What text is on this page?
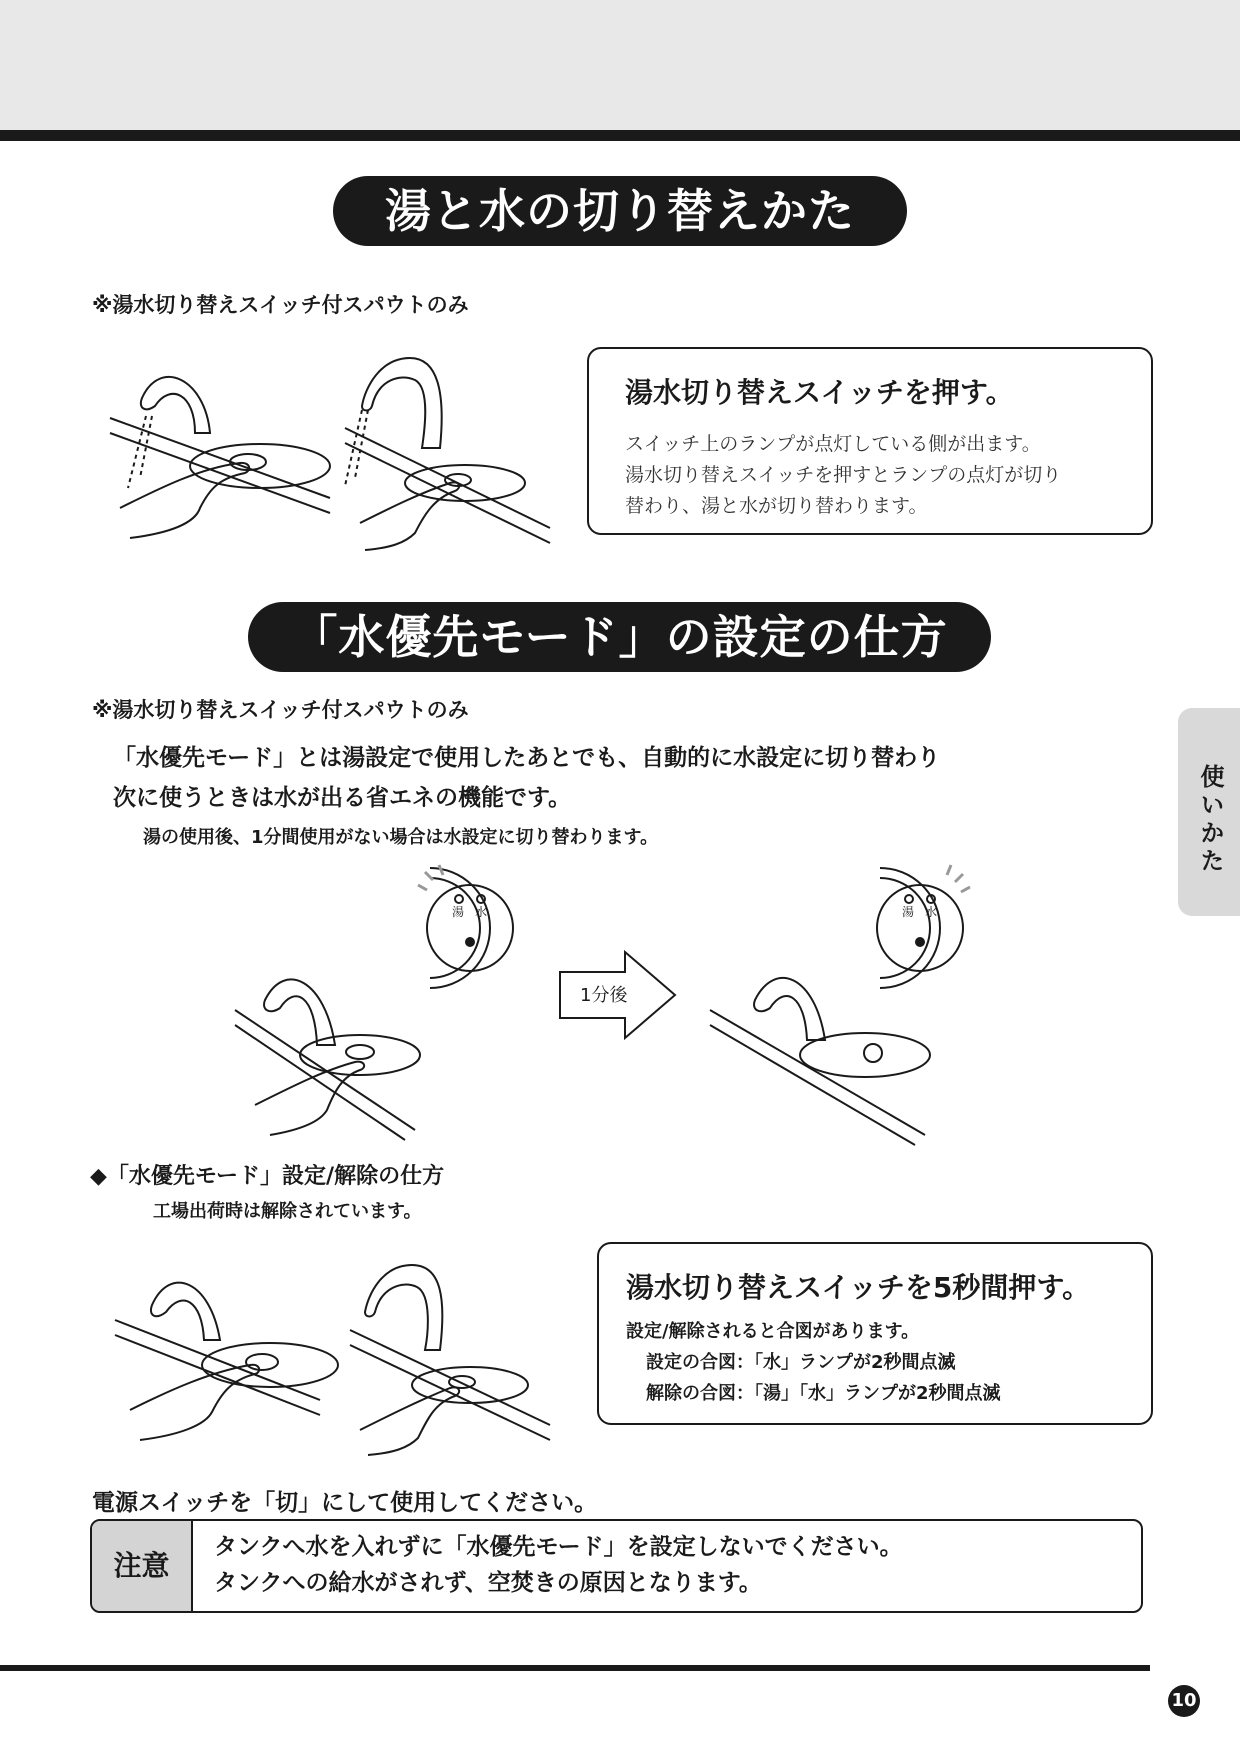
湯と水の切り替えかた
※湯水切り替えスイッチ付スパウトのみ
湯水切り替えスイッチを押す。
スイッチ上のランプが点灯している側が出ます。
湯水切り替えスイッチを押すとランプの点灯が切り
替わり、湯と水が切り替わります。
「水優先モード」の設定の仕方
※湯水切り替えスイッチ付スパウトのみ
「水優先モード」とは湯設定で使用したあとでも、自動的に水設定に切り替わり
次に使うときは水が出る省エネの機能です。
湯の使用後、1分間使用がない場合は水設定に切り替わります。
湯 水	湯 水
1分後
◆「水優先モード」設定/解除の仕方
工場出荷時は解除されています。
湯水切り替えスイッチを5秒間押す。
設定/解除されると合図があります。
設定の合図：「水」ランプが2秒間点滅
解除の合図：「湯」「水」ランプが2秒間点滅
電源スイッチを「切」にして使用してください。
注意
タンクへ水を入れずに「水優先モード」を設定しないでください。
タンクへの給水がされず、空焚きの原因となります。
使いかた
10
